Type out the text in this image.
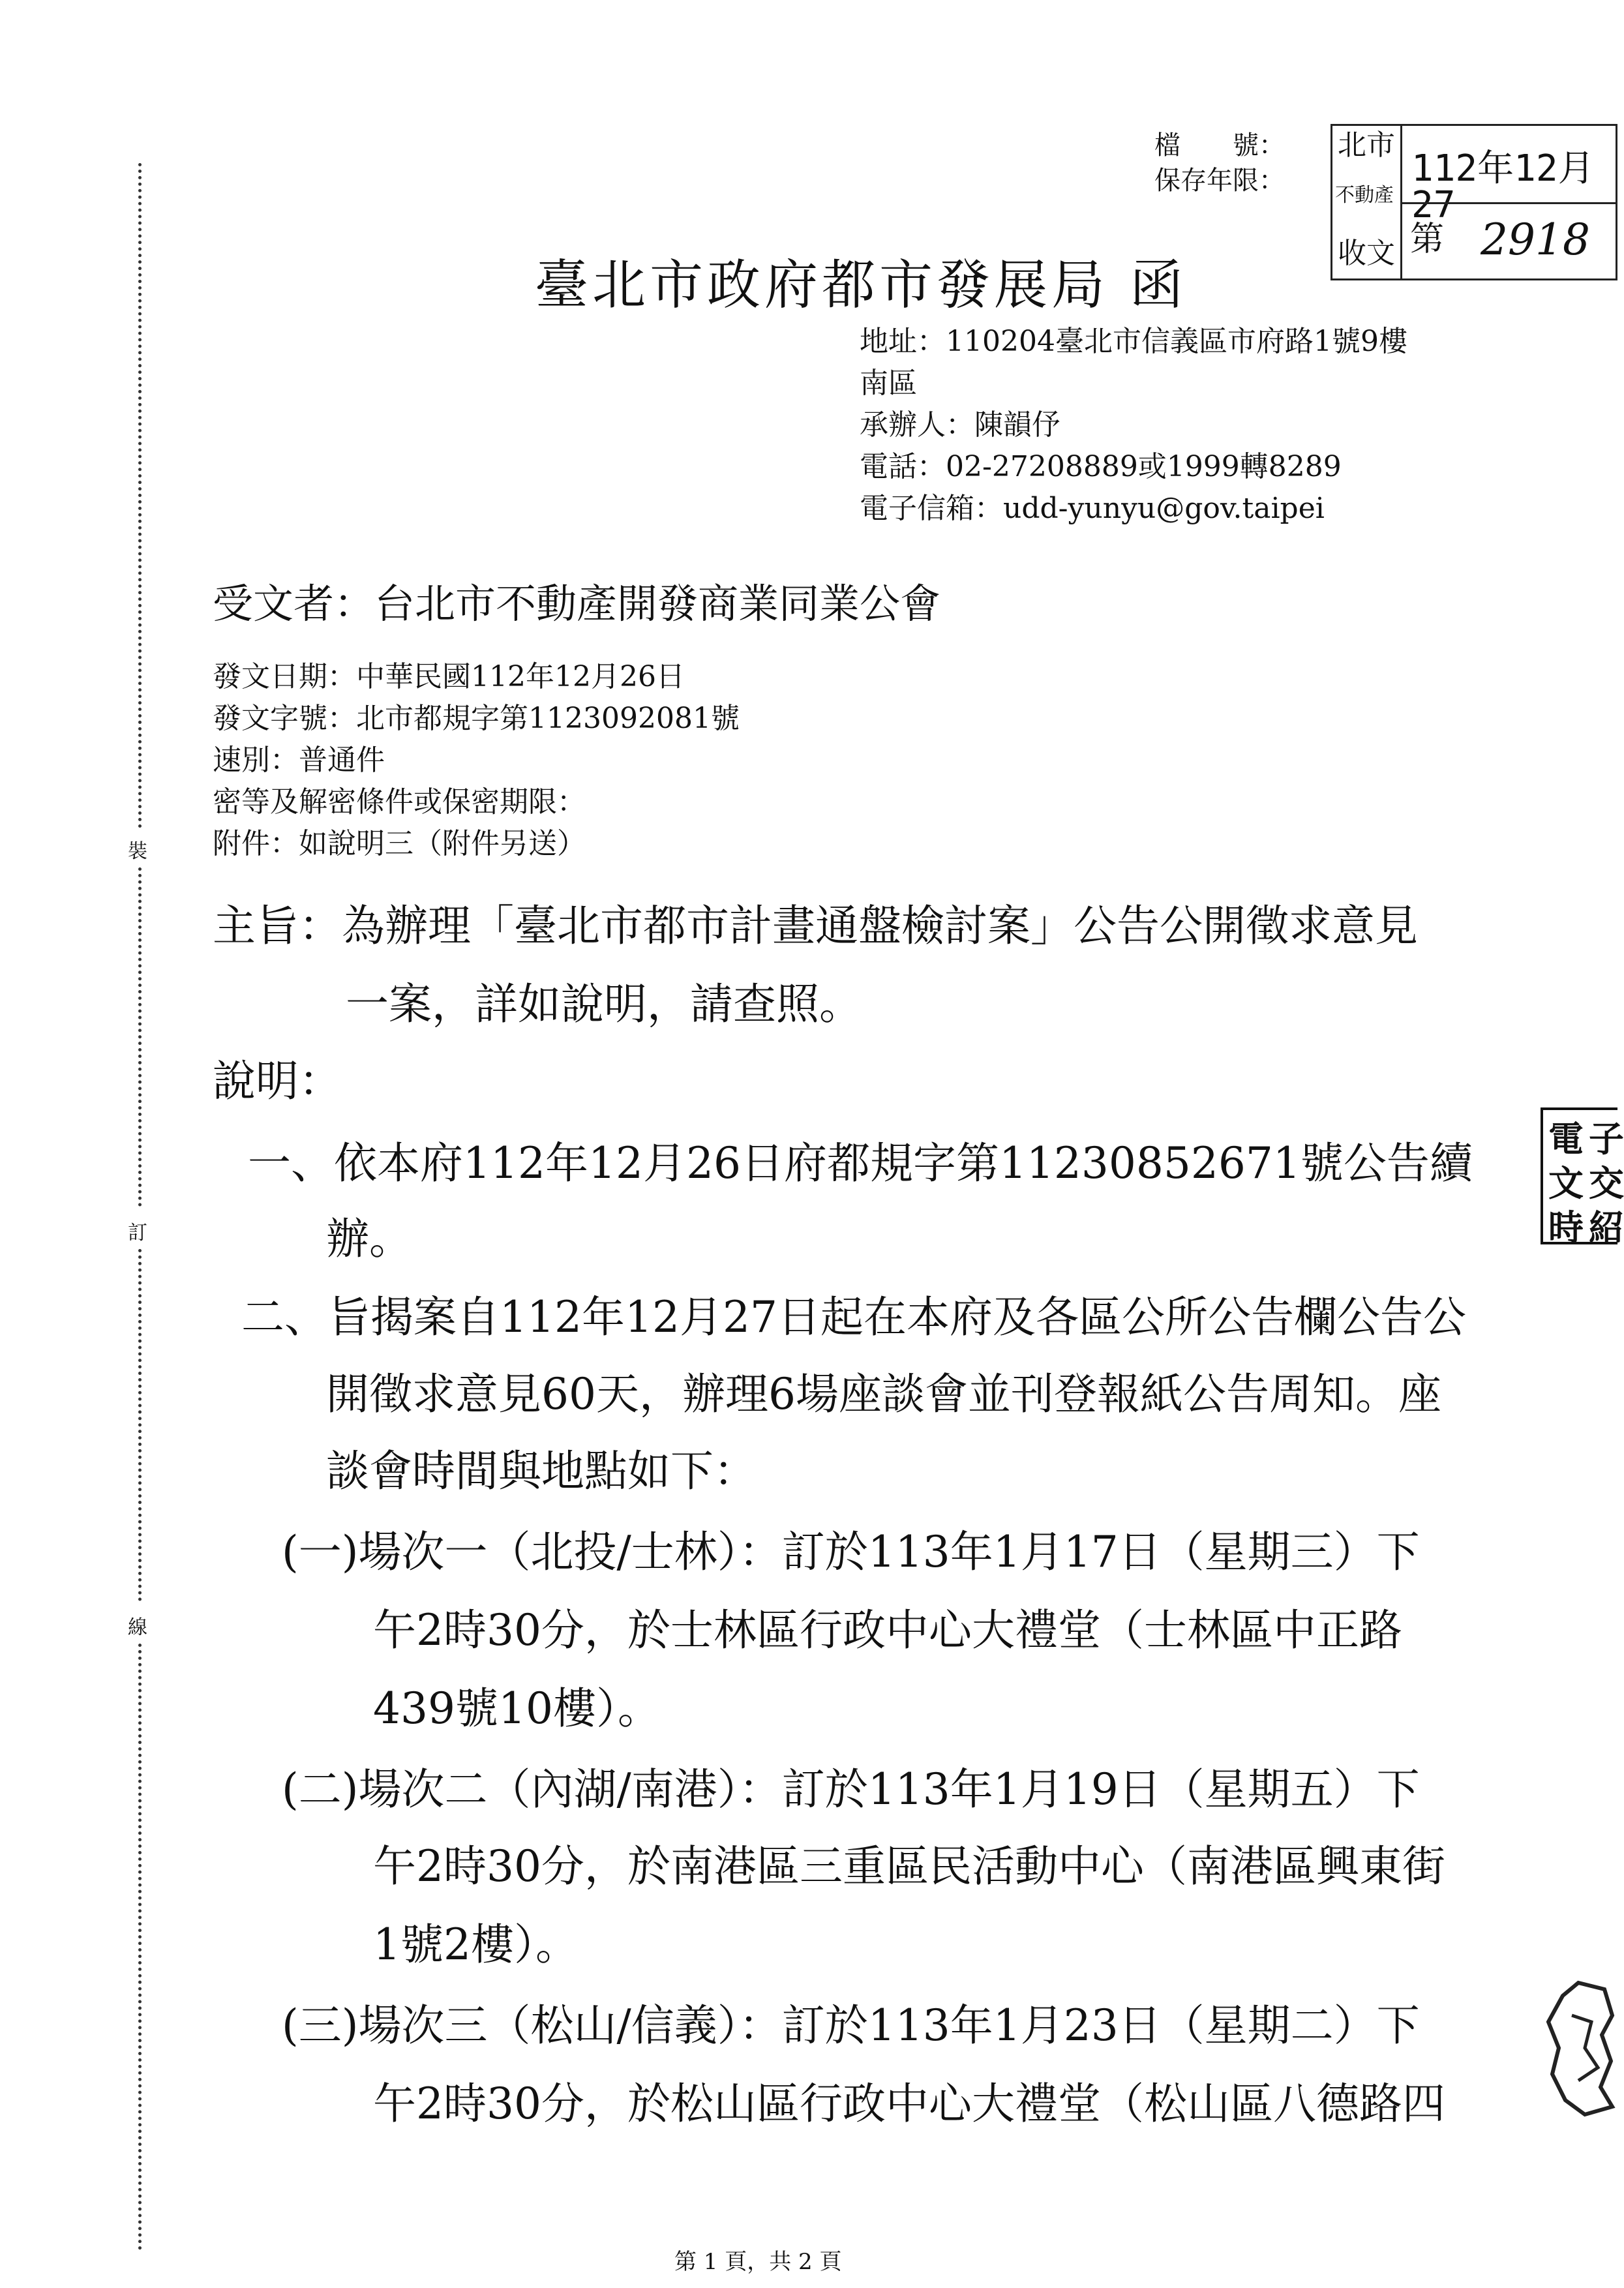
裝
訂
線
檔　　號：
保存年限：
北市
不動產
收文
112年12月27
第 2918
臺北市政府都市發展局 函
地址：110204臺北市信義區市府路1號9樓
南區
承辦人：陳韻伃
電話：02-27208889或1999轉8289
電子信箱：udd-yunyu@gov.taipei
受文者：台北市不動產開發商業同業公會
發文日期：中華民國112年12月26日
發文字號：北市都規字第1123092081號
速別：普通件
密等及解密條件或保密期限：
附件：如說明三（附件另送）
主旨：為辦理「臺北市都市計畫通盤檢討案」公告公開徵求意見
一案，詳如說明，請查照。
說明：
一、依本府112年12月26日府都規字第11230852671號公告續
辦。
二、旨揭案自112年12月27日起在本府及各區公所公告欄公告公
開徵求意見60天，辦理6場座談會並刊登報紙公告周知。座
談會時間與地點如下：
(一)場次一（北投/士林）：訂於113年1月17日（星期三）下
午2時30分，於士林區行政中心大禮堂（士林區中正路
439號10樓）。
(二)場次二（內湖/南港）：訂於113年1月19日（星期五）下
午2時30分，於南港區三重區民活動中心（南港區興東街
1號2樓）。
(三)場次三（松山/信義）：訂於113年1月23日（星期二）下
午2時30分，於松山區行政中心大禮堂（松山區八德路四
電
文
時
子
交
紹
第 1 頁，共 2 頁
